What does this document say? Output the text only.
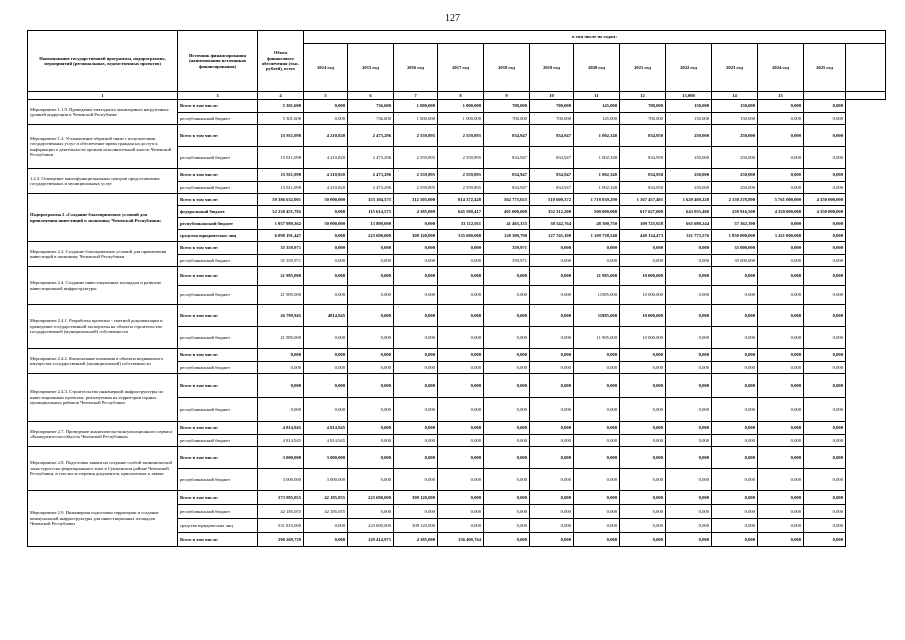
127
Наименование государственной программы, подпрограммы, мероприятий (региональных, ведомственных проектов)	Источник финансирования (наименования источников финансирования)	Объем финансового обеспечения (тыс. рублей), всего	в том числе по годам:												
			2014 год	2015 год	2016 год	2017 год	2018 год	2019 год	2020 год	2021 год	2022 год	2023 год	2024 год	2025 год	
1	3	4	5	6	7	8	9	10	11	12	13,000	14	15		
Мероприятие 1.1.9. Проведение ежегодного мониторинга нагрузочных уровней коррупции в Чеченской Республике	Всего в том числе:	5 301,600	0,000	736,600	1 000,000	1 000,000	700,000	700,000	145,000	700,000	150,000	150,000	0,000	0,000	
	республиканский бюджет	5 301,600	0,000	736,600	1 000,000	1 000,000	700,000	700,000	145,000	700,000	150,000	150,000	0,000	0,000	
Мероприятие 1.2. Установление обратной связи с получателями государственных услуг и обеспечение права граждан на доступ к информации о деятельности органов исполнительной власти Чеченской Республики	Всего в том числе:	15 811,098	4 210,820	2 473,296	2 559,895	2 559,895	834,947	834,947	1 002,348	834,950	250,000	250,000	0,000	0,000	
	республиканский бюджет	15 811,098	4 210,820	2 473,296	2 559,895	2 559,895	834,947	834,947	1 002,348	834,950	250,000	250,000	0,000	0,000	
1.2.3. Освещение многофункциональных центров предоставления государственных и муниципальных услуг	Всего в том числе:	15 811,098	4 210,820	2 473,296	2 559,895	2 559,895	834,947	834,947	1 002,348	834,950	250,000	250,000	0,000	0,000	
	республиканский бюджет	15 811,098	4 210,820	2 473,296	2 559,895	2 559,895	834,947	834,947	1 002,348	834,950	250,000	250,000	0,000	0,000	
Подпрограмма 2 «Создание благоприятных условий для привлечения инвестиций в экономику Чеченской Республики»	Всего в том числе:	59 386 632,001	50 000,000	353 104,575	312 505,000	814 372,428	562 775,025	518 600,372	1 718 039,290	1 167 457,401	1 629 469,220	2 158 278,890	5 761 000,000	4 350 000,000	
	федеральный бюджет	52 230 451,792	0,000	115 614,575	4 385,009	645 580,417	401 000,000	352 312,200	500 000,000	617 627,000	643 055,400	259 916,500	4 350 000,000	4 350 000,000	
	республиканский бюджет	1 057 989,362	50 000,000	13 800,000	0,000	33 112,011	41 465,335	38 542,764	48 300,750	109 725,928	665 680,244	57 362,390	0,000	0,000	
	средства юридических лиц	6 098 191,447	0,000	223 690,000	308 120,000	135 680,000	120 309,790	127 745,108	1 169 738,540	440 134,473	311 773,576	1 850 000,000	1 411 000,000	0,000	
Мероприятие 2.2. Создание благоприятных условий для привлечения инвестиций в экономику Чеченской Республики	Всего в том числе:	35 359,971	0,000	0,000	0,000	0,000	359,971	0,000	0,000	0,000	0,000	35 000,000	0,000	0,000	
	республиканский бюджет	35 359,971	0,000	0,000	0,000	0,000	359,971	0,000	0,000	0,000	0,000	35 000,000	0,000	0,000	
Мероприятие 2.4. Создание инвестиционных площадок и развитие инвестиционной инфраструктуры	Всего в том числе:	21 985,000	0,000	0,000	0,000	0,000	0,000	0,000	11 985,000	10 000,000	0,000	0,000	0,000	0,000	
	республиканский бюджет	21 985,000	0,000	0,000	0,000	0,000	0,000	0,000	11985,000	10 000,000	0,000	0,000	0,000	0,000	
Мероприятие 2.4.1. Разработка проектно - сметной документации и проведение государственной экспертизы на объекты строительства государственной (муниципальной) собственности	Всего в том числе:	26 799,945	4814,945	0,000	0,000	0,000	0,000	0,000	11985,000	10 000,000	0,000	0,000	0,000	0,000	
	республиканский бюджет	21 985,000	0,000	0,000	0,000	0,000	0,000	0,000	11 985,000	10 000,000	0,000	0,000	0,000	0,000	
Мероприятие 2.4.2. Капитальные вложения в объекты недвижимого имущества государственной (муниципальной) собственности	Всего в том числе:	0,000	0,000	0,000	0,000	0,000	0,000	0,000	0,000	0,000	0,000	0,000	0,000	0,000	
	республиканский бюджет	0,000	0,000	0,000	0,000	0,000	0,000	0,000	0,000	0,000	0,000	0,000	0,000	0,000	
Мероприятие 2.4.3. Строительство инженерной инфраструктуры по инвестиционным проектам, реализуемым на территории горных муниципальных районов Чеченской Республики	Всего в том числе:	0,000	0,000	0,000	0,000	0,000	0,000	0,000	0,000	0,000	0,000	0,000	0,000	0,000	
	республиканский бюджет	0,000	0,000	0,000	0,000	0,000	0,000	0,000	0,000	0,000	0,000	0,000	0,000	0,000	
Мероприятие 2.7. Проведение аналитическо-консультационного сервиса «Конкурентоспособность Чеченской Республики»	Всего в том числе:	4 814,945	4 814,945	0,000	0,000	0,000	0,000	0,000	0,000	0,000	0,000	0,000	0,000	0,000	
	республиканский бюджет	4 814,945	4 814,945	0,000	0,000	0,000	0,000	0,000	0,000	0,000	0,000	0,000	0,000	0,000	
Мероприятие 2.8. Подготовка заявки на создание особой экономической зоны туристско-рекреационного типа в Сунженском районе Чеченской Республики, в том числе перечня документов, прилагаемых к заявке	Всего в том числе:	3 000,000	3 000,000	0,000	0,000	0,000	0,000	0,000	0,000	0,000	0,000	0,000	0,000	0,000	
	республиканский бюджет	3 000,000	3 000,000	0,000	0,000	0,000	0,000	0,000	0,000	0,000	0,000	0,000	0,000	0,000	
Мероприятие 2.9. Инженерная подготовка территории и создание коммунальной инфраструктуры для инвестиционных площадок Чеченской Республики	Всего в том числе:	573 995,055	42 185,055	223 690,000	308 120,000	0,000	0,000	0,000	0,000	0,000	0,000	0,000	0,000	0,000	
	республиканский бюджет	42 185,055	42 185,055	0,000	0,000	0,000	0,000	0,000	0,000	0,000	0,000	0,000	0,000	0,000	
	средства юридических лиц	531 810,000	0,000	223 690,000	308 120,000	0,000	0,000	0,000	0,000	0,000	0,000	0,000	0,000	0,000	
	Всего в том числе:	290 269,739	0,000	129 414,975	4 385,000	156 409,764	0,000	0,000	0,000	0,000	0,000	0,000	0,000	0,000	
